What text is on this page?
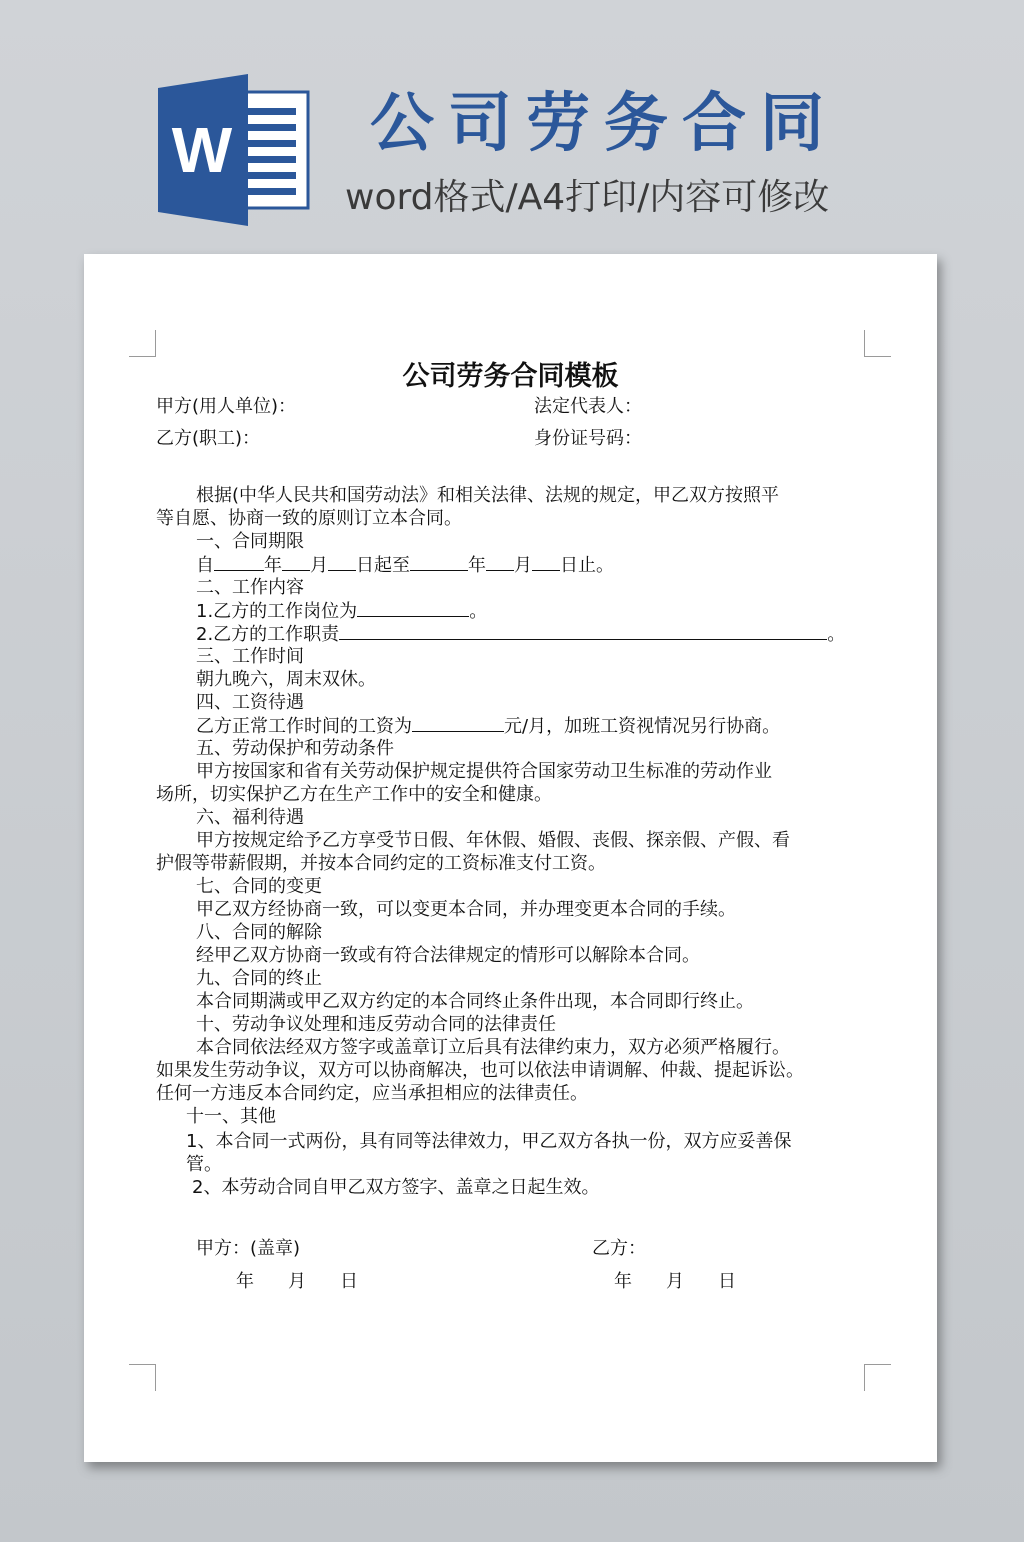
W 公司劳务合同
word格式/A4打印/内容可修改
公司劳务合同模板
甲方(用人单位)：	法定代表人：
乙方(职工)：	身份证号码：
根据(中华人民共和国劳动法》和相关法律、法规的规定，甲乙双方按照平
等自愿、协商一致的原则订立本合同。
一、合同期限
自	年 月 日起至	年 月 日止。
二、工作内容
1.乙方的工作岗位为	。
2.乙方的工作职责	。
三、工作时间
朝九晚六，周末双休。
四、工资待遇
乙方正常工作时间的工资为	元/月，加班工资视情况另行协商。
五、劳动保护和劳动条件
甲方按国家和省有关劳动保护规定提供符合国家劳动卫生标准的劳动作业
场所，切实保护乙方在生产工作中的安全和健康。
六、福利待遇
甲方按规定给予乙方享受节日假、年休假、婚假、丧假、探亲假、产假、看
护假等带薪假期，并按本合同约定的工资标准支付工资。
七、合同的变更
甲乙双方经协商一致，可以变更本合同，并办理变更本合同的手续。
八、合同的解除
经甲乙双方协商一致或有符合法律规定的情形可以解除本合同。
九、合同的终止
本合同期满或甲乙双方约定的本合同终止条件出现，本合同即行终止。
十、劳动争议处理和违反劳动合同的法律责任
本合同依法经双方签字或盖章订立后具有法律约束力，双方必须严格履行。
如果发生劳动争议，双方可以协商解决，也可以依法申请调解、仲裁、提起诉讼。
任何一方违反本合同约定，应当承担相应的法律责任。
十一、其他
1、本合同一式两份，具有同等法律效力，甲乙双方各执一份，双方应妥善保
管。
2、本劳动合同自甲乙双方签字、盖章之日起生效。
甲方：(盖章)	乙方：
年 月 日	年 月 日
